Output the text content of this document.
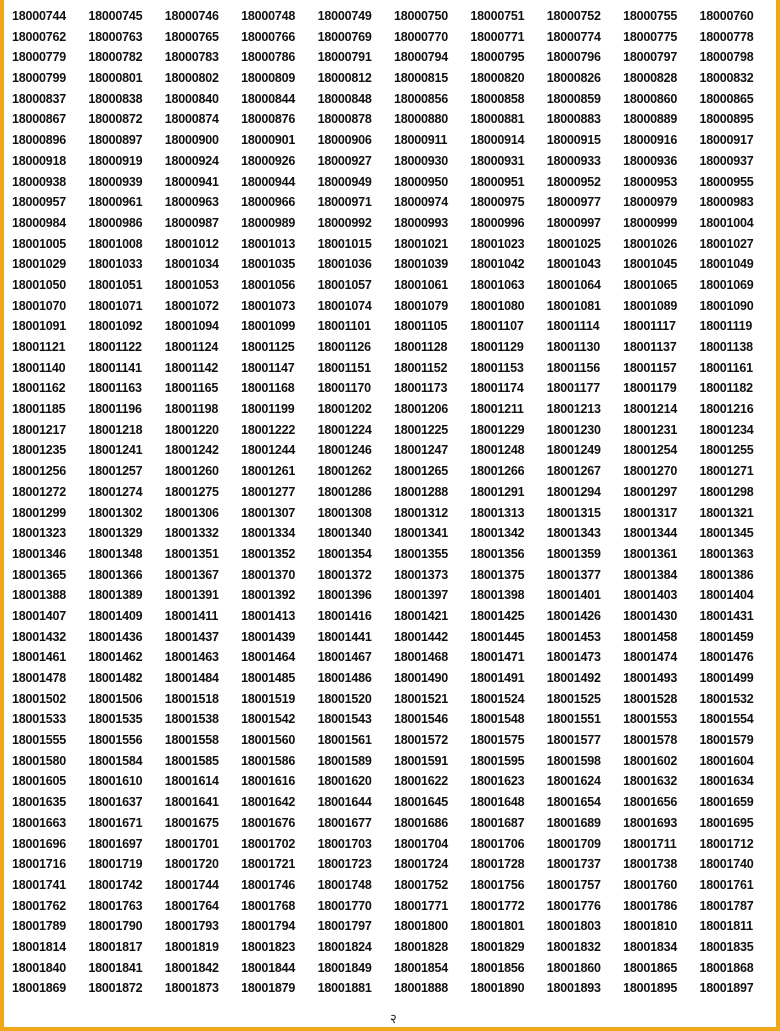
18000744	18000745	18000746	18000748	18000749	18000750	18000751	18000752	18000755	18000760
18000762	18000763	18000765	18000766	18000769	18000770	18000771	18000774	18000775	18000778
18000779	18000782	18000783	18000786	18000791	18000794	18000795	18000796	18000797	18000798
18000799	18000801	18000802	18000809	18000812	18000815	18000820	18000826	18000828	18000832
18000837	18000838	18000840	18000844	18000848	18000856	18000858	18000859	18000860	18000865
18000867	18000872	18000874	18000876	18000878	18000880	18000881	18000883	18000889	18000895
18000896	18000897	18000900	18000901	18000906	18000911	18000914	18000915	18000916	18000917
18000918	18000919	18000924	18000926	18000927	18000930	18000931	18000933	18000936	18000937
18000938	18000939	18000941	18000944	18000949	18000950	18000951	18000952	18000953	18000955
18000957	18000961	18000963	18000966	18000971	18000974	18000975	18000977	18000979	18000983
18000984	18000986	18000987	18000989	18000992	18000993	18000996	18000997	18000999	18001004
18001005	18001008	18001012	18001013	18001015	18001021	18001023	18001025	18001026	18001027
18001029	18001033	18001034	18001035	18001036	18001039	18001042	18001043	18001045	18001049
18001050	18001051	18001053	18001056	18001057	18001061	18001063	18001064	18001065	18001069
18001070	18001071	18001072	18001073	18001074	18001079	18001080	18001081	18001089	18001090
18001091	18001092	18001094	18001099	18001101	18001105	18001107	18001114	18001117	18001119
18001121	18001122	18001124	18001125	18001126	18001128	18001129	18001130	18001137	18001138
18001140	18001141	18001142	18001147	18001151	18001152	18001153	18001156	18001157	18001161
18001162	18001163	18001165	18001168	18001170	18001173	18001174	18001177	18001179	18001182
18001185	18001196	18001198	18001199	18001202	18001206	18001211	18001213	18001214	18001216
18001217	18001218	18001220	18001222	18001224	18001225	18001229	18001230	18001231	18001234
18001235	18001241	18001242	18001244	18001246	18001247	18001248	18001249	18001254	18001255
18001256	18001257	18001260	18001261	18001262	18001265	18001266	18001267	18001270	18001271
18001272	18001274	18001275	18001277	18001286	18001288	18001291	18001294	18001297	18001298
18001299	18001302	18001306	18001307	18001308	18001312	18001313	18001315	18001317	18001321
18001323	18001329	18001332	18001334	18001340	18001341	18001342	18001343	18001344	18001345
18001346	18001348	18001351	18001352	18001354	18001355	18001356	18001359	18001361	18001363
18001365	18001366	18001367	18001370	18001372	18001373	18001375	18001377	18001384	18001386
18001388	18001389	18001391	18001392	18001396	18001397	18001398	18001401	18001403	18001404
18001407	18001409	18001411	18001413	18001416	18001421	18001425	18001426	18001430	18001431
18001432	18001436	18001437	18001439	18001441	18001442	18001445	18001453	18001458	18001459
18001461	18001462	18001463	18001464	18001467	18001468	18001471	18001473	18001474	18001476
18001478	18001482	18001484	18001485	18001486	18001490	18001491	18001492	18001493	18001499
18001502	18001506	18001518	18001519	18001520	18001521	18001524	18001525	18001528	18001532
18001533	18001535	18001538	18001542	18001543	18001546	18001548	18001551	18001553	18001554
18001555	18001556	18001558	18001560	18001561	18001572	18001575	18001577	18001578	18001579
18001580	18001584	18001585	18001586	18001589	18001591	18001595	18001598	18001602	18001604
18001605	18001610	18001614	18001616	18001620	18001622	18001623	18001624	18001632	18001634
18001635	18001637	18001641	18001642	18001644	18001645	18001648	18001654	18001656	18001659
18001663	18001671	18001675	18001676	18001677	18001686	18001687	18001689	18001693	18001695
18001696	18001697	18001701	18001702	18001703	18001704	18001706	18001709	18001711	18001712
18001716	18001719	18001720	18001721	18001723	18001724	18001728	18001737	18001738	18001740
18001741	18001742	18001744	18001746	18001748	18001752	18001756	18001757	18001760	18001761
18001762	18001763	18001764	18001768	18001770	18001771	18001772	18001776	18001786	18001787
18001789	18001790	18001793	18001794	18001797	18001800	18001801	18001803	18001810	18001811
18001814	18001817	18001819	18001823	18001824	18001828	18001829	18001832	18001834	18001835
18001840	18001841	18001842	18001844	18001849	18001854	18001856	18001860	18001865	18001868
18001869	18001872	18001873	18001879	18001881	18001888	18001890	18001893	18001895	18001897
२
